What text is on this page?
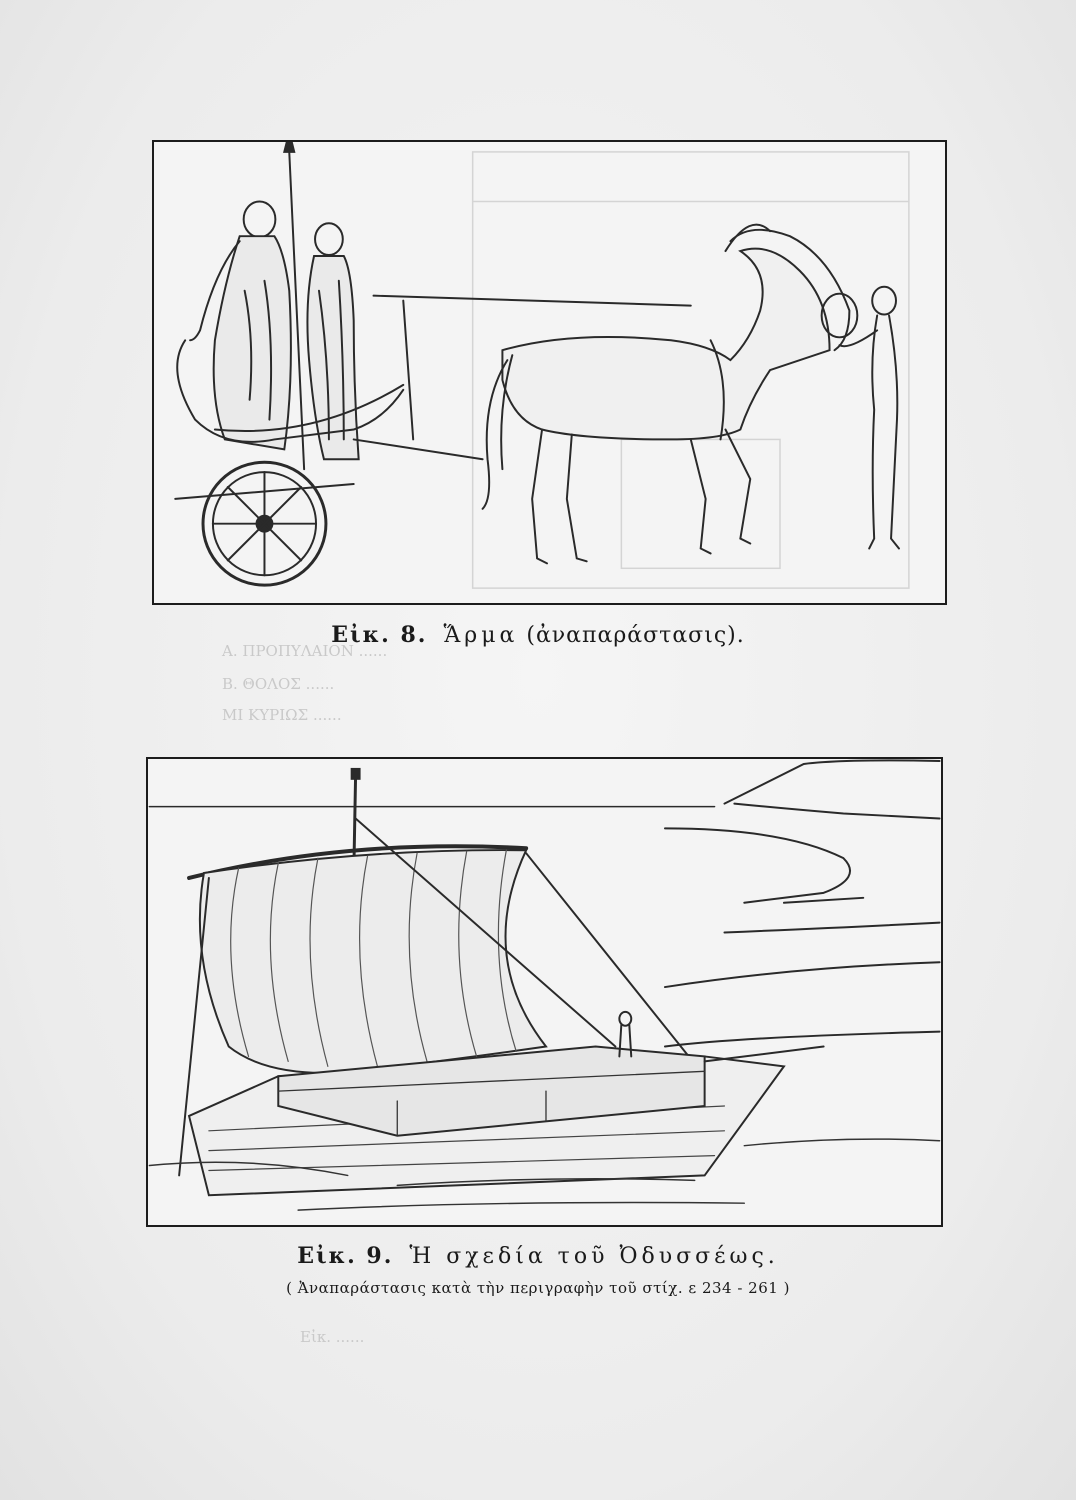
Α. ΠΡΟΠΥΛΑΙΟΝ ......
Β. ΘΟΛΟΣ ......
ΜΙ ΚΥΡΙΩΣ ......
Εἰκ. ......
Εἰκ. 8. Ἅρμα (ἀναπαράστασις).
Εἰκ. 9. Ἡ σχεδία τοῦ Ὀδυσσέως.
( Ἀναπαράστασις κατὰ τὴν περιγραφὴν τοῦ στίχ. ε 234 - 261 )
